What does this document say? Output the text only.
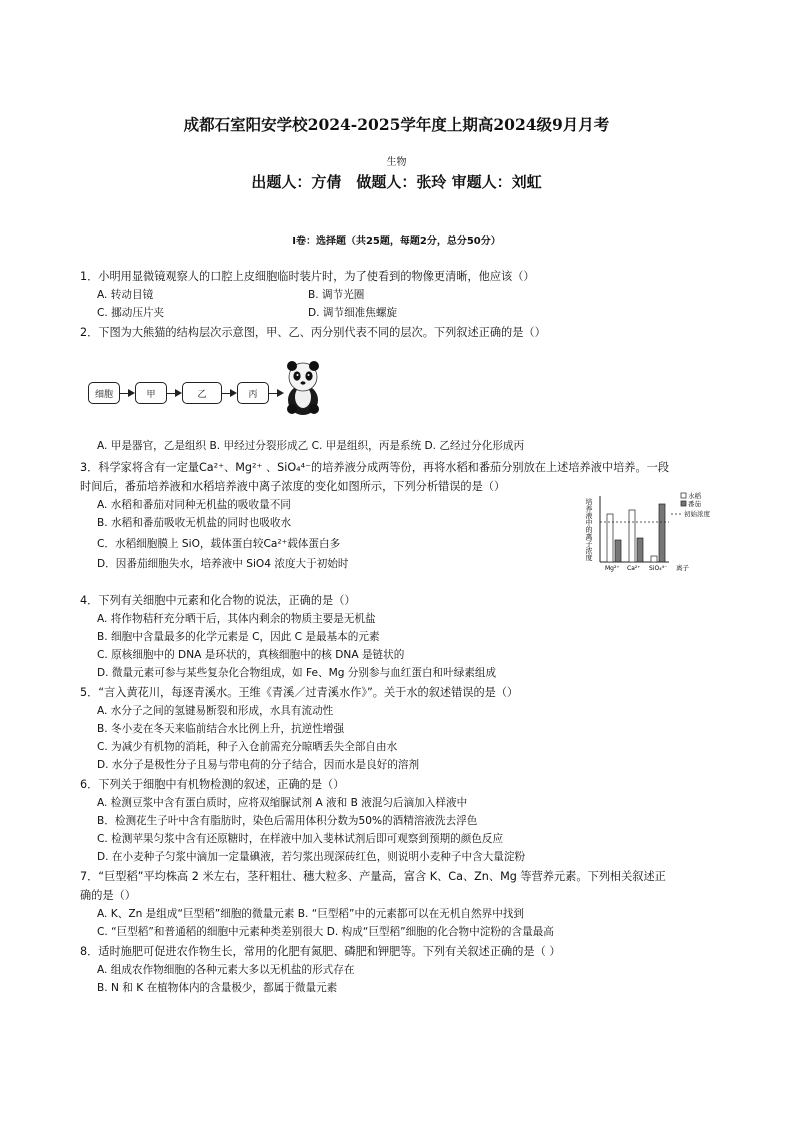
成都石室阳安学校2024-2025学年度上期高2024级9月月考
生物
出题人：方倩　做题人：张玲 审题人：刘虹
I卷：选择题（共25题，每题2分，总分50分）
1．小明用显微镜观察人的口腔上皮细胞临时装片时，为了使看到的物像更清晰，他应该（）
A. 转动目镜	B. 调节光圈
C. 挪动压片夹	D. 调节细准焦螺旋
2．下图为大熊猫的结构层次示意图，甲、乙、丙分别代表不同的层次。下列叙述正确的是（）
细胞	甲	乙	丙
A. 甲是器官，乙是组织 B. 甲经过分裂形成乙 C. 甲是组织，丙是系统 D. 乙经过分化形成丙
3．科学家将含有一定量Ca²⁺、Mg²⁺ 、SiO₄⁴⁻的培养液分成两等份，再将水稻和番茄分别放在上述培养液中培养。一段
时间后，番茄培养液和水稻培养液中离子浓度的变化如图所示，下列分析错误的是（）
A. 水稻和番茄对同种无机盐的吸收量不同
B. 水稻和番茄吸收无机盐的同时也吸收水
C．水稻细胞膜上 SiO，载体蛋白较Ca²⁺载体蛋白多
D．因番茄细胞失水，培养液中 SiO4 浓度大于初始时
培养液中的离子浓度
水稻
番茄
初始浓度
Mg²⁺ Ca²⁺ SiO₄⁴⁻ 离子
4．下列有关细胞中元素和化合物的说法，正确的是（）
A. 将作物秸秆充分晒干后，其体内剩余的物质主要是无机盐
B. 细胞中含量最多的化学元素是 C，因此 C 是最基本的元素
C. 原核细胞中的 DNA 是环状的，真核细胞中的核 DNA 是链状的
D. 微量元素可参与某些复杂化合物组成，如 Fe、Mg 分别参与血红蛋白和叶绿素组成
5．“言入黄花川，每逐青溪水。王维《青溪／过青溪水作》”。关于水的叙述错误的是（）
A. 水分子之间的氢键易断裂和形成，水具有流动性
B. 冬小麦在冬天来临前结合水比例上升，抗逆性增强
C. 为减少有机物的消耗，种子入仓前需充分晾晒丢失全部自由水
D. 水分子是极性分子且易与带电荷的分子结合，因而水是良好的溶剂
6．下列关于细胞中有机物检测的叙述，正确的是（）
A. 检测豆浆中含有蛋白质时，应将双缩脲试剂 A 液和 B 液混匀后滴加入样液中
B．检测花生子叶中含有脂肪时，染色后需用体积分数为50%的酒精溶液洗去浮色
C. 检测苹果匀浆中含有还原糖时，在样液中加入斐林试剂后即可观察到预期的颜色反应
D. 在小麦种子匀浆中滴加一定量碘液，若匀浆出现深砖红色，则说明小麦种子中含大量淀粉
7．“巨型稻”平均株高 2 米左右，茎秆粗壮、穗大粒多、产量高，富含 K、Ca、Zn、Mg 等营养元素。下列相关叙述正
确的是（）
A. K、Zn 是组成“巨型稻”细胞的微量元素 B. “巨型稻”中的元素都可以在无机自然界中找到
C. “巨型稻”和普通稻的细胞中元素种类差别很大 D. 构成“巨型稻”细胞的化合物中淀粉的含量最高
8．适时施肥可促进农作物生长，常用的化肥有氮肥、磷肥和钾肥等。下列有关叙述正确的是（ ）
A. 组成农作物细胞的各种元素大多以无机盐的形式存在
B. N 和 K 在植物体内的含量极少，都属于微量元素
